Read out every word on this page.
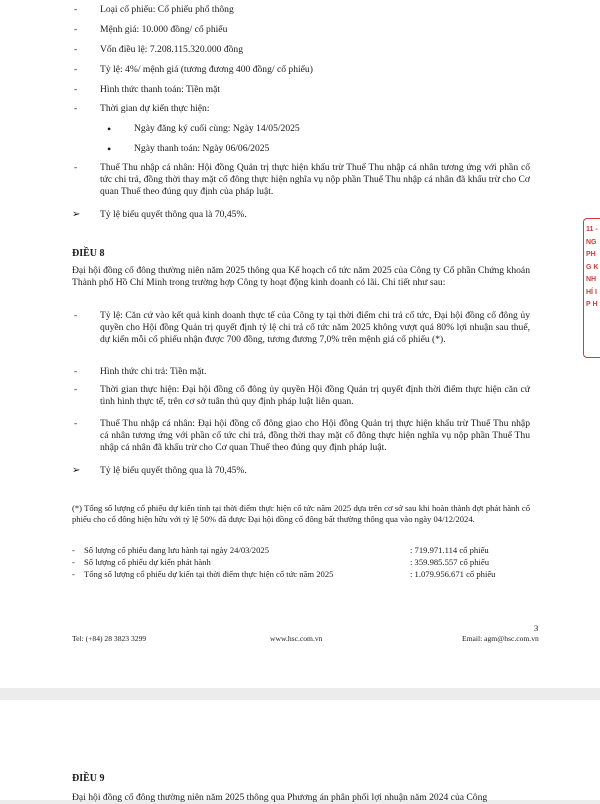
- Loại cổ phiếu: Cổ phiếu phổ thông
- Mệnh giá: 10.000 đồng/ cổ phiếu
- Vốn điều lệ: 7.208.115.320.000 đồng
- Tỷ lệ: 4%/ mệnh giá (tương đương 400 đồng/ cổ phiếu)
- Hình thức thanh toán: Tiền mặt
- Thời gian dự kiến thực hiện:
• Ngày đăng ký cuối cùng: Ngày 14/05/2025
• Ngày thanh toán: Ngày 06/06/2025
- Thuế Thu nhập cá nhân: Hội đồng Quản trị thực hiện khấu trừ Thuế Thu nhập cá nhân tương ứng với phần cổ tức chi trả, đồng thời thay mặt cổ đông thực hiện nghĩa vụ nộp phần Thuế Thu nhập cá nhân đã khấu trừ cho Cơ quan Thuế theo đúng quy định của pháp luật.
➢ Tỷ lệ biểu quyết thông qua là 70,45%.
ĐIỀU 8
Đại hội đồng cổ đông thường niên năm 2025 thông qua Kế hoạch cổ tức năm 2025 của Công ty Cổ phần Chứng khoán Thành phố Hồ Chí Minh trong trường hợp Công ty hoạt động kinh doanh có lãi. Chi tiết như sau:
- Tỷ lệ: Căn cứ vào kết quả kinh doanh thực tế của Công ty tại thời điểm chi trả cổ tức, Đại hội đồng cổ đông ủy quyền cho Hội đồng Quản trị quyết định tỷ lệ chi trả cổ tức năm 2025 không vượt quá 80% lợi nhuận sau thuế, dự kiến mỗi cổ phiếu nhận được 700 đồng, tương đương 7,0% trên mệnh giá cổ phiếu (*).
- Hình thức chi trả: Tiền mặt.
- Thời gian thực hiện: Đại hội đồng cổ đông ủy quyền Hội đồng Quản trị quyết định thời điểm thực hiện căn cứ tình hình thực tế, trên cơ sở tuân thủ quy định pháp luật liên quan.
- Thuế Thu nhập cá nhân: Đại hội đồng cổ đông giao cho Hội đồng Quản trị thực hiện khấu trừ Thuế Thu nhập cá nhân tương ứng với phần cổ tức chi trả, đồng thời thay mặt cổ đông thực hiện nghĩa vụ nộp phần Thuế Thu nhập cá nhân đã khấu trừ cho Cơ quan Thuế theo đúng quy định pháp luật.
➢ Tỷ lệ biểu quyết thông qua là 70,45%.
(*) Tổng số lượng cổ phiếu dự kiến tính tại thời điểm thực hiện cổ tức năm 2025 dựa trên cơ sở sau khi hoàn thành đợt phát hành cổ phiếu cho cổ đông hiện hữu với tỷ lệ 50% đã được Đại hội đồng cổ đông bất thường thông qua vào ngày 04/12/2024.
- Số lượng cổ phiếu đang lưu hành tại ngày 24/03/2025	: 719.971.114 cổ phiếu
- Số lượng cổ phiếu dự kiến phát hành	: 359.985.557 cổ phiếu
- Tổng số lượng cổ phiếu dự kiến tại thời điểm thực hiện cổ tức năm 2025	: 1.079.956.671 cổ phiếu
3
Tel: (+84) 28 3823 3299	www.hsc.com.vn	Email: agm@hsc.com.vn
11 -
NG
PH
G K
NH
HÍ I
P H
ĐIỀU 9
Đại hội đồng cổ đông thường niên năm 2025 thông qua Phương án phân phối lợi nhuận năm 2024 của Công
